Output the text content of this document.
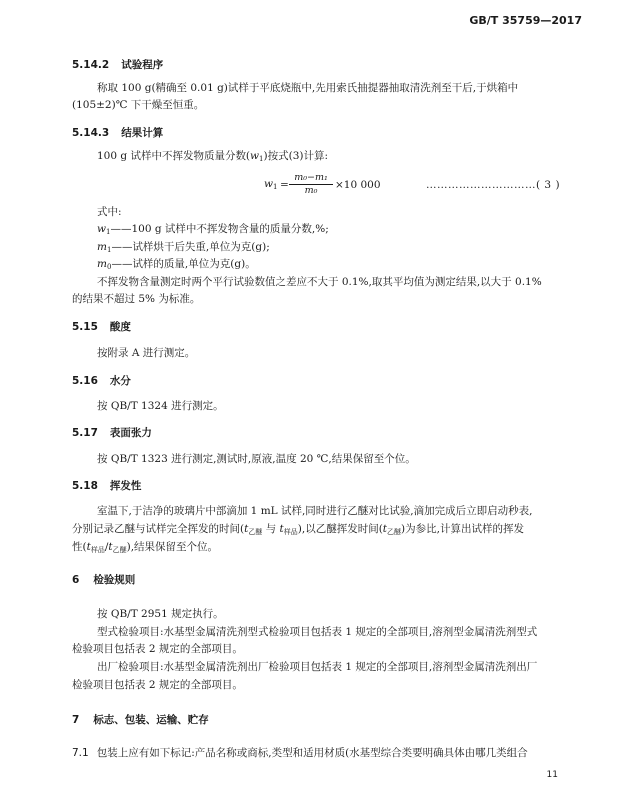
GB/T 35759—2017
5.14.2 试验程序
称取 100 g(精确至 0.01 g)试样于平底烧瓶中,先用索氏抽提器抽取清洗剂至干后,于烘箱中
(105±2)℃ 下干燥至恒重。
5.14.3 结果计算
100 g 试样中不挥发物质量分数$(w_1)$按式(3)计算:
$w_1 = \frac{\text{m₀−m₁}}{\text{m₀}} \times 10$ 000	…………………………( 3 )
式中:
$w_1——100$ g 试样中不挥发物含量的质量分数,%;
$m_1——$试样烘干后失重,单位为克(g);
$m_0——$试样的质量,单位为克(g)。
不挥发物含量测定时两个平行试验数值之差应不大于 0.1%,取其平均值为测定结果,以大于 0.1%
的结果不超过 5% 为标准。
5.15 酸度
按附录 A 进行测定。
5.16 水分
按 QB/T 1324 进行测定。
5.17 表面张力
按 QB/T 1323 进行测定,测试时,原液,温度 20 ℃,结果保留至个位。
5.18 挥发性
室温下,于洁净的玻璃片中部滴加 1 mL 试样,同时进行乙醚对比试验,滴加完成后立即启动秒表,
分别记录乙醚与试样完全挥发的时间($t_{乙醚}$ 与 $t_{样品}$),以乙醚挥发时间$(t_{乙醚})$为参比,计算出试样的挥发
性$(t_{样品}/t_{乙醚})$,结果保留至个位。
6 检验规则
按 QB/T 2951 规定执行。
型式检验项目:水基型金属清洗剂型式检验项目包括表 1 规定的全部项目,溶剂型金属清洗剂型式
检验项目包括表 2 规定的全部项目。
出厂检验项目:水基型金属清洗剂出厂检验项目包括表 1 规定的全部项目,溶剂型金属清洗剂出厂
检验项目包括表 2 规定的全部项目。
7 标志、包装、运输、贮存
7.1 包装上应有如下标记:产品名称或商标,类型和适用材质(水基型综合类要明确具体由哪几类组合
11
